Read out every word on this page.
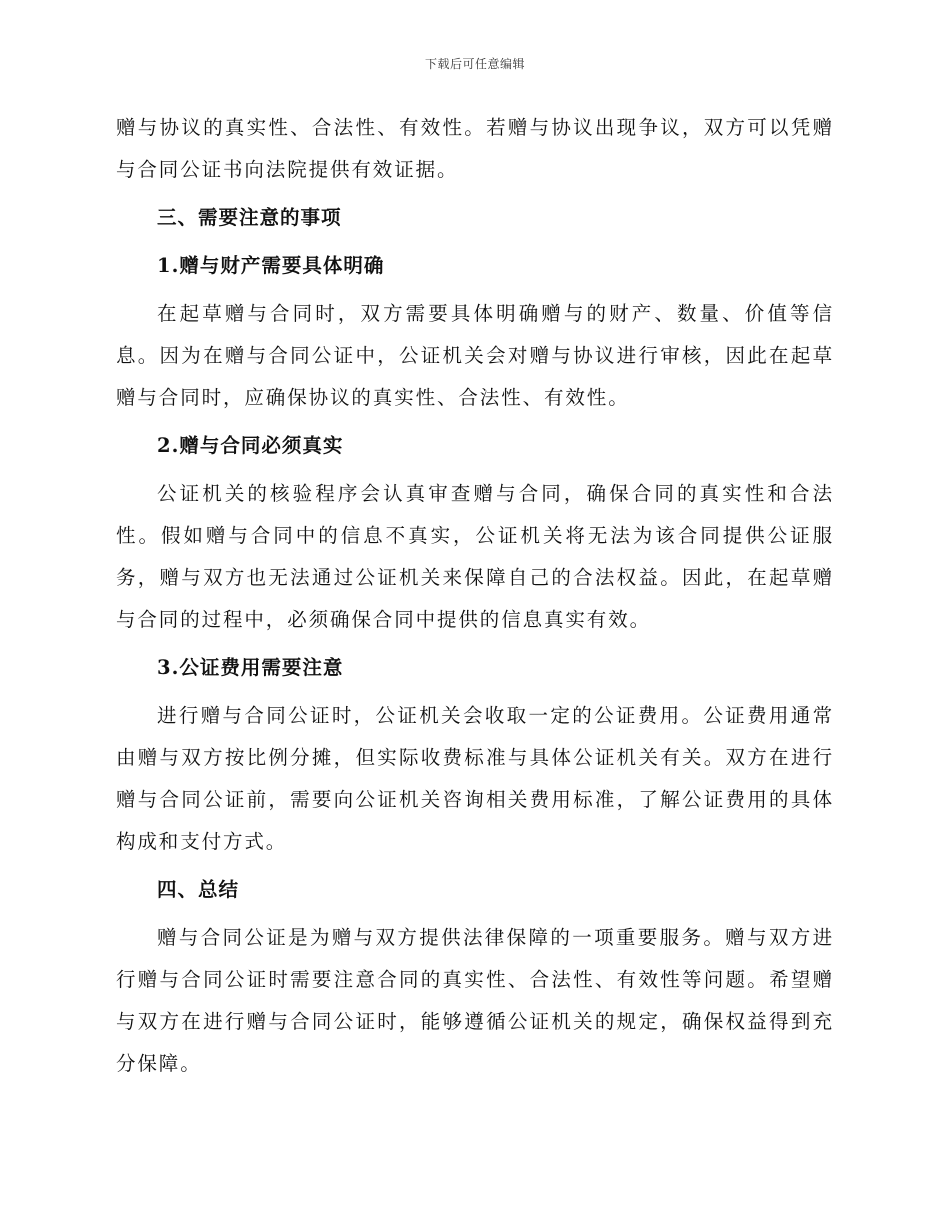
下载后可任意编辑

赠与协议的真实性、合法性、有效性。若赠与协议出现争议，双方可以凭赠与合同公证书向法院提供有效证据。

三、需要注意的事项
1.赠与财产需要具体明确

在起草赠与合同时，双方需要具体明确赠与的财产、数量、价值等信息。因为在赠与合同公证中，公证机关会对赠与协议进行审核，因此在起草赠与合同时，应确保协议的真实性、合法性、有效性。

2.赠与合同必须真实

公证机关的核验程序会认真审查赠与合同，确保合同的真实性和合法性。假如赠与合同中的信息不真实，公证机关将无法为该合同提供公证服务，赠与双方也无法通过公证机关来保障自己的合法权益。因此，在起草赠与合同的过程中，必须确保合同中提供的信息真实有效。

3.公证费用需要注意

进行赠与合同公证时，公证机关会收取一定的公证费用。公证费用通常由赠与双方按比例分摊，但实际收费标准与具体公证机关有关。双方在进行赠与合同公证前，需要向公证机关咨询相关费用标准，了解公证费用的具体构成和支付方式。

四、总结

赠与合同公证是为赠与双方提供法律保障的一项重要服务。赠与双方进行赠与合同公证时需要注意合同的真实性、合法性、有效性等问题。希望赠与双方在进行赠与合同公证时，能够遵循公证机关的规定，确保权益得到充分保障。
